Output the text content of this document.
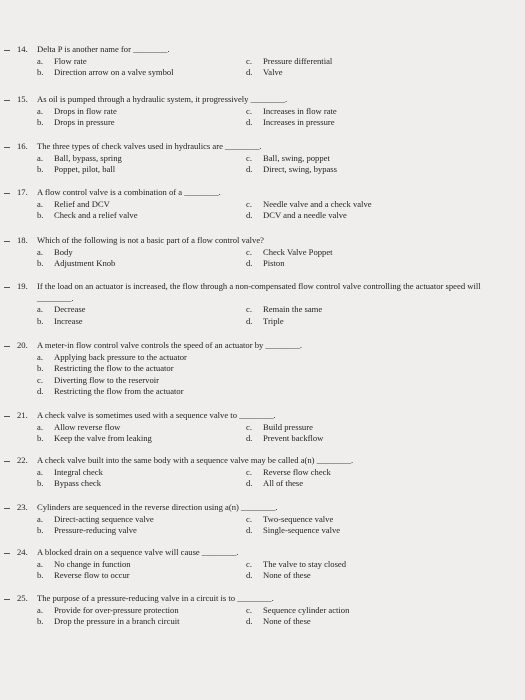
14. Delta P is another name for ________.
a. Flow rate
b. Direction arrow on a valve symbol
c. Pressure differential
d. Valve
15. As oil is pumped through a hydraulic system, it progressively ________.
a. Drops in flow rate
b. Drops in pressure
c. Increases in flow rate
d. Increases in pressure
16. The three types of check valves used in hydraulics are ________.
a. Ball, bypass, spring
b. Poppet, pilot, ball
c. Ball, swing, poppet
d. Direct, swing, bypass
17. A flow control valve is a combination of a ________.
a. Relief and DCV
b. Check and a relief valve
c. Needle valve and a check valve
d. DCV and a needle valve
18. Which of the following is not a basic part of a flow control valve?
a. Body
b. Adjustment Knob
c. Check Valve Poppet
d. Piston
19. If the load on an actuator is increased, the flow through a non-compensated flow control valve controlling the actuator speed will ________.
a. Decrease
b. Increase
c. Remain the same
d. Triple
20. A meter-in flow control valve controls the speed of an actuator by ________.
a. Applying back pressure to the actuator
b. Restricting the flow to the actuator
c. Diverting flow to the reservoir
d. Restricting the flow from the actuator
21. A check valve is sometimes used with a sequence valve to ________.
a. Allow reverse flow
b. Keep the valve from leaking
c. Build pressure
d. Prevent backflow
22. A check valve built into the same body with a sequence valve may be called a(n) ________.
a. Integral check
b. Bypass check
c. Reverse flow check
d. All of these
23. Cylinders are sequenced in the reverse direction using a(n) ________.
a. Direct-acting sequence valve
b. Pressure-reducing valve
c. Two-sequence valve
d. Single-sequence valve
24. A blocked drain on a sequence valve will cause ________.
a. No change in function
b. Reverse flow to occur
c. The valve to stay closed
d. None of these
25. The purpose of a pressure-reducing valve in a circuit is to ________.
a. Provide for over-pressure protection
b. Drop the pressure in a branch circuit
c. Sequence cylinder action
d. None of these
